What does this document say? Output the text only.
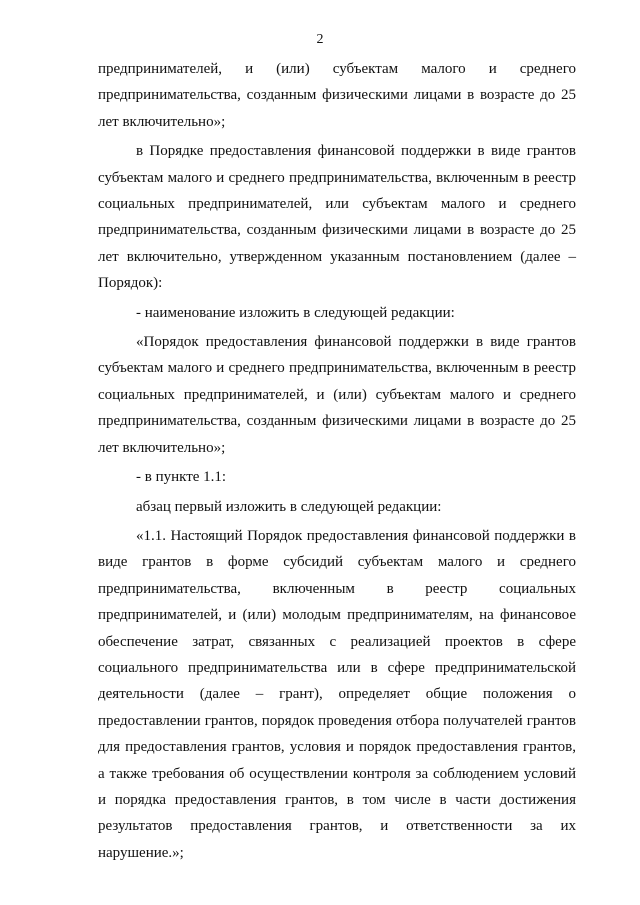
2

предпринимателей, и (или) субъектам малого и среднего предпринимательства, созданным физическими лицами в возрасте до 25 лет включительно»;

в Порядке предоставления финансовой поддержки в виде грантов субъектам малого и среднего предпринимательства, включенным в реестр социальных предпринимателей, или субъектам малого и среднего предпринимательства, созданным физическими лицами в возрасте до 25 лет включительно, утвержденном указанным постановлением (далее – Порядок):

- наименование изложить в следующей редакции:

«Порядок предоставления финансовой поддержки в виде грантов субъектам малого и среднего предпринимательства, включенным в реестр социальных предпринимателей, и (или) субъектам малого и среднего предпринимательства, созданным физическими лицами в возрасте до 25 лет включительно»;

- в пункте 1.1:

абзац первый изложить в следующей редакции:

«1.1. Настоящий Порядок предоставления финансовой поддержки в виде грантов в форме субсидий субъектам малого и среднего предпринимательства, включенным в реестр социальных предпринимателей, и (или) молодым предпринимателям, на финансовое обеспечение затрат, связанных с реализацией проектов в сфере социального предпринимательства или в сфере предпринимательской деятельности (далее – грант), определяет общие положения о предоставлении грантов, порядок проведения отбора получателей грантов для предоставления грантов, условия и порядок предоставления грантов, а также требования об осуществлении контроля за соблюдением условий и порядка предоставления грантов, в том числе в части достижения результатов предоставления грантов, и ответственности за их нарушение.»;
